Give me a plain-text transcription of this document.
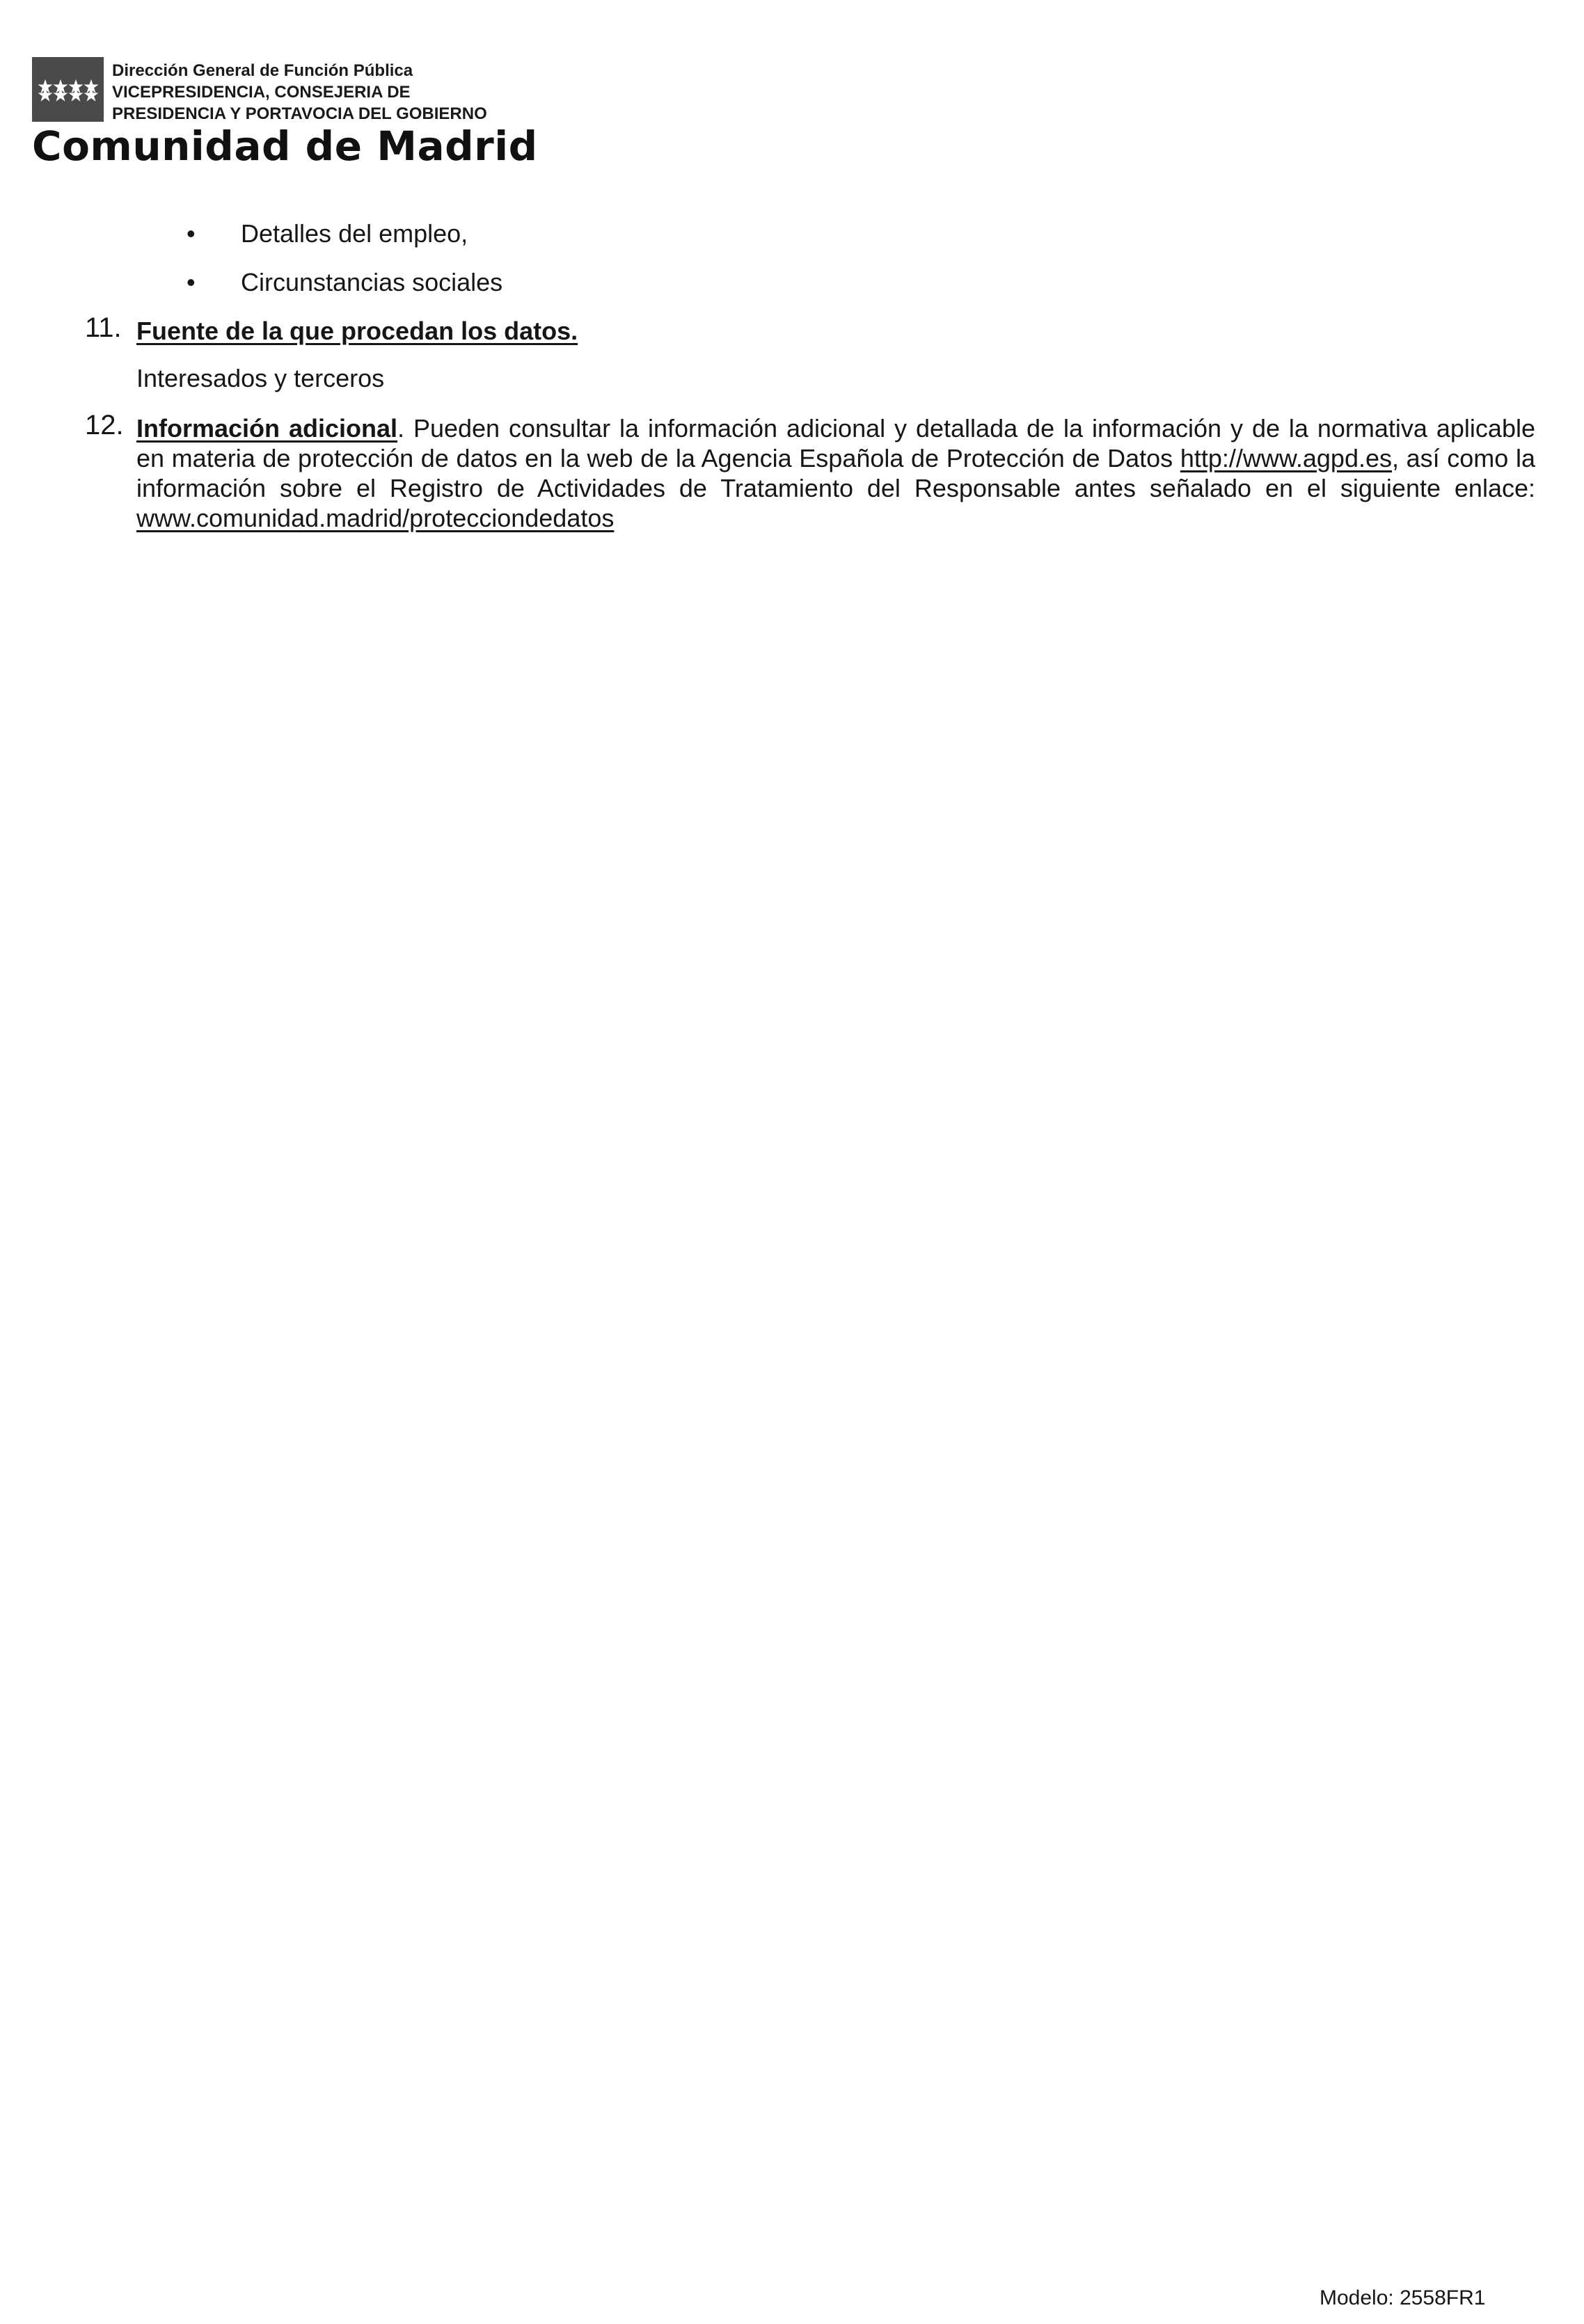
Dirección General de Función Pública
VICEPRESIDENCIA, CONSEJERIA DE
PRESIDENCIA Y PORTAVOCIA DEL GOBIERNO
Comunidad de Madrid
•	Detalles del empleo,
•	Circunstancias sociales
11. Fuente de la que procedan los datos.
Interesados y terceros
12. Información adicional. Pueden consultar la información adicional y detallada de la información y de la normativa aplicable en materia de protección de datos en la web de la Agencia Española de Protección de Datos http://www.agpd.es, así como la información sobre el Registro de Actividades de Tratamiento del Responsable antes señalado en el siguiente enlace: www.comunidad.madrid/protecciondedatos
Modelo: 2558FR1
